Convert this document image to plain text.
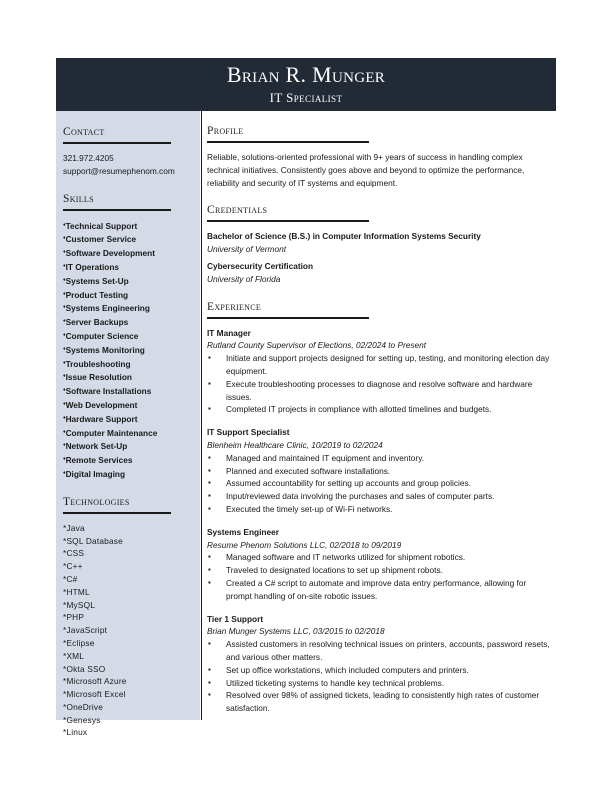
Brian R. Munger
IT Specialist
Contact
321.972.4205
support@resumephenom.com
Skills
♦Technical Support
♦Customer Service
♦Software Development
♦IT Operations
♦Systems Set-Up
♦Product Testing
♦Systems Engineering
♦Server Backups
♦Computer Science
♦Systems Monitoring
♦Troubleshooting
♦Issue Resolution
♦Software Installations
♦Web Development
♦Hardware Support
♦Computer Maintenance
♦Network Set-Up
♦Remote Services
♦Digital Imaging
Technologies
*Java
*SQL Database
*CSS
*C++
*C#
*HTML
*MySQL
*PHP
*JavaScript
*Eclipse
*XML
*Okta SSO
*Microsoft Azure
*Microsoft Excel
*OneDrive
*Genesys
*Linux
Profile
Reliable, solutions-oriented professional with 9+ years of success in handling complex technical initiatives. Consistently goes above and beyond to optimize the performance, reliability and security of IT systems and equipment.
Credentials
Bachelor of Science (B.S.) in Computer Information Systems Security
University of Vermont
Cybersecurity Certification
University of Florida
Experience
IT Manager
Rutland County Supervisor of Elections, 02/2024 to Present
▪ Initiate and support projects designed for setting up, testing, and monitoring election day equipment.
▪ Execute troubleshooting processes to diagnose and resolve software and hardware issues.
▪ Completed IT projects in compliance with allotted timelines and budgets.
IT Support Specialist
Blenheim Healthcare Clinic, 10/2019 to 02/2024
▪ Managed and maintained IT equipment and inventory.
▪ Planned and executed software installations.
▪ Assumed accountability for setting up accounts and group policies.
▪ Input/reviewed data involving the purchases and sales of computer parts.
▪ Executed the timely set-up of Wi-Fi networks.
Systems Engineer
Resume Phenom Solutions LLC, 02/2018 to 09/2019
▪ Managed software and IT networks utilized for shipment robotics.
▪ Traveled to designated locations to set up shipment robots.
▪ Created a C# script to automate and improve data entry performance, allowing for prompt handling of on-site robotic issues.
Tier 1 Support
Brian Munger Systems LLC, 03/2015 to 02/2018
▪ Assisted customers in resolving technical issues on printers, accounts, password resets, and various other matters.
▪ Set up office workstations, which included computers and printers.
▪ Utilized ticketing systems to handle key technical problems.
▪ Resolved over 98% of assigned tickets, leading to consistently high rates of customer satisfaction.
